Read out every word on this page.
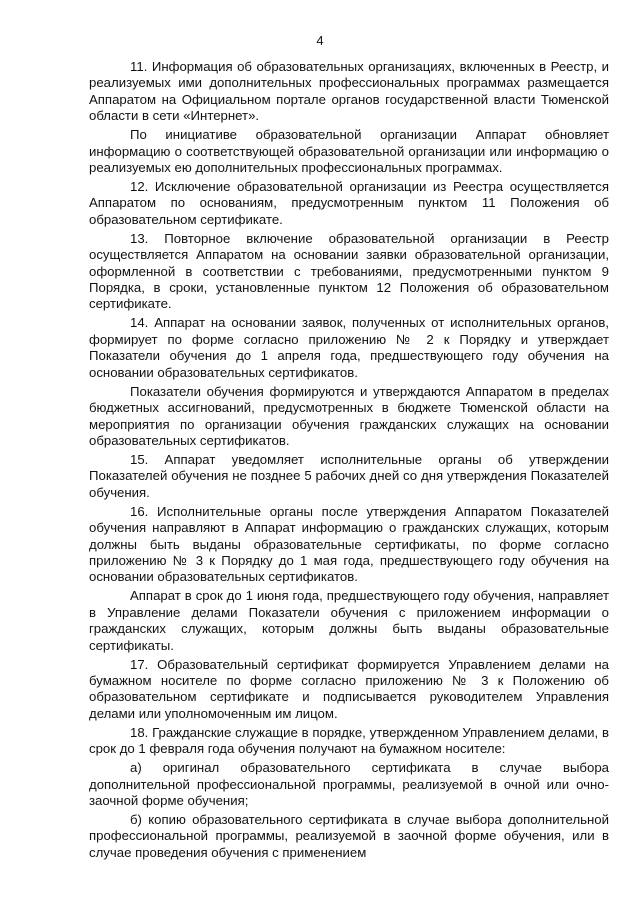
4

11. Информация об образовательных организациях, включенных в Реестр, и реализуемых ими дополнительных профессиональных программах размещается Аппаратом на Официальном портале органов государственной власти Тюменской области в сети «Интернет».

По инициативе образовательной организации Аппарат обновляет информацию о соответствующей образовательной организации или информацию о реализуемых ею дополнительных профессиональных программах.

12. Исключение образовательной организации из Реестра осуществляется Аппаратом по основаниям, предусмотренным пунктом 11 Положения об образовательном сертификате.

13. Повторное включение образовательной организации в Реестр осуществляется Аппаратом на основании заявки образовательной организации, оформленной в соответствии с требованиями, предусмотренными пунктом 9 Порядка, в сроки, установленные пунктом 12 Положения об образовательном сертификате.

14. Аппарат на основании заявок, полученных от исполнительных органов, формирует по форме согласно приложению № 2 к Порядку и утверждает Показатели обучения до 1 апреля года, предшествующего году обучения на основании образовательных сертификатов.

Показатели обучения формируются и утверждаются Аппаратом в пределах бюджетных ассигнований, предусмотренных в бюджете Тюменской области на мероприятия по организации обучения гражданских служащих на основании образовательных сертификатов.

15. Аппарат уведомляет исполнительные органы об утверждении Показателей обучения не позднее 5 рабочих дней со дня утверждения Показателей обучения.

16. Исполнительные органы после утверждения Аппаратом Показателей обучения направляют в Аппарат информацию о гражданских служащих, которым должны быть выданы образовательные сертификаты, по форме согласно приложению № 3 к Порядку до 1 мая года, предшествующего году обучения на основании образовательных сертификатов.

Аппарат в срок до 1 июня года, предшествующего году обучения, направляет в Управление делами Показатели обучения с приложением информации о гражданских служащих, которым должны быть выданы образовательные сертификаты.

17. Образовательный сертификат формируется Управлением делами на бумажном носителе по форме согласно приложению № 3 к Положению об образовательном сертификате и подписывается руководителем Управления делами или уполномоченным им лицом.

18. Гражданские служащие в порядке, утвержденном Управлением делами, в срок до 1 февраля года обучения получают на бумажном носителе:

а) оригинал образовательного сертификата в случае выбора дополнительной профессиональной программы, реализуемой в очной или очно-заочной форме обучения;

б) копию образовательного сертификата в случае выбора дополнительной профессиональной программы, реализуемой в заочной форме обучения, или в случае проведения обучения с применением
